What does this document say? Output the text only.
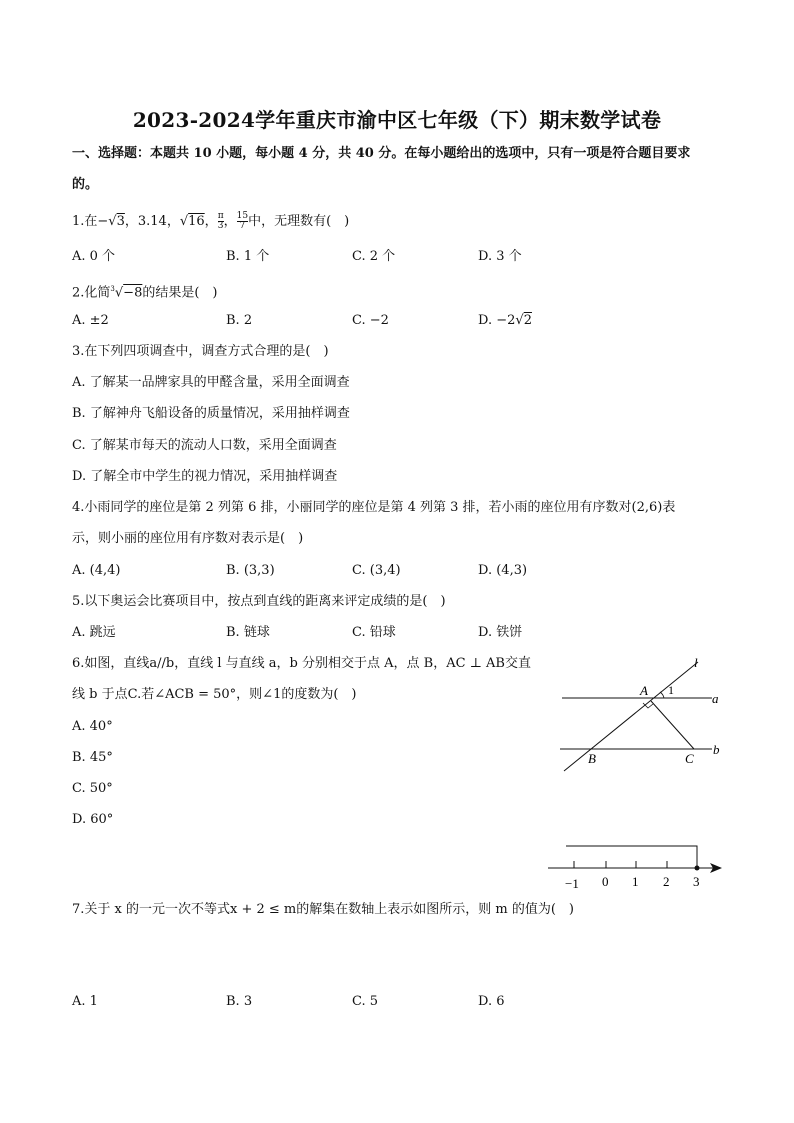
2023-2024学年重庆市渝中区七年级（下）期末数学试卷
一、选择题：本题共 10 小题，每小题 4 分，共 40 分。在每小题给出的选项中，只有一项是符合题目要求
的。
1.在−√3，3.14，√16， $\frac{\pi}{3}$ ， $\frac{15}{7}$ 中，无理数有(　)
A. 0 个	B. 1 个	C. 2 个	D. 3 个
2.化简$^3$√−8的结果是(　)
A. ±2	B. 2	C. −2	D. −2√2
3.在下列四项调查中，调查方式合理的是(　)
A. 了解某一品牌家具的甲醛含量，采用全面调查
B. 了解神舟飞船设备的质量情况，采用抽样调查
C. 了解某市每天的流动人口数，采用全面调查
D. 了解全市中学生的视力情况，采用抽样调查
4.小雨同学的座位是第 2 列第 6 排，小丽同学的座位是第 4 列第 3 排，若小雨的座位用有序数对(2,6)表
示，则小丽的座位用有序数对表示是(　)
A. (4,4)	B. (3,3)	C. (3,4)	D. (4,3)
5.以下奥运会比赛项目中，按点到直线的距离来评定成绩的是(　)
A. 跳远	B. 链球	C. 铅球	D. 铁饼
6.如图，直线a//b，直线 l 与直线 a，b 分别相交于点 A，点 B，AC ⊥ AB交直
线 b 于点C.若∠ACB = 50°，则∠1的度数为(　)
A. 40°
B. 45°
C. 50°
D. 60°
l
A 1
a
b
B	C
−1 0 1 2 3
7.关于 x 的一元一次不等式x + 2 ≤ m的解集在数轴上表示如图所示，则 m 的值为(　)
A. 1	B. 3	C. 5	D. 6
